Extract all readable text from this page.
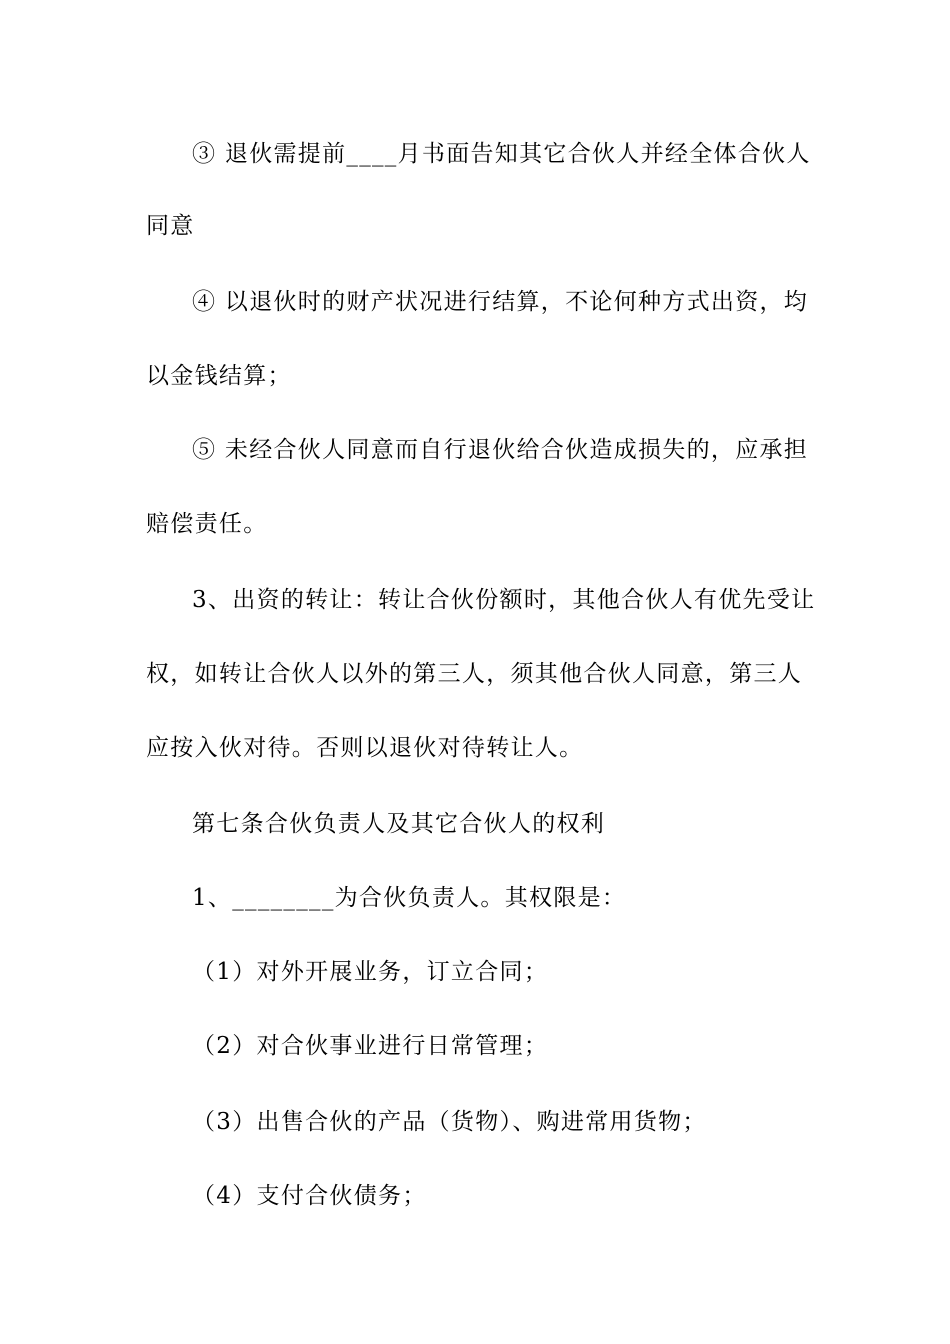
③ 退伙需提前____月书面告知其它合伙人并经全体合伙人
同意
④ 以退伙时的财产状况进行结算，不论何种方式出资，均
以金钱结算；
⑤ 未经合伙人同意而自行退伙给合伙造成损失的，应承担
赔偿责任。
3、出资的转让：转让合伙份额时，其他合伙人有优先受让
权，如转让合伙人以外的第三人，须其他合伙人同意，第三人
应按入伙对待。否则以退伙对待转让人。
第七条合伙负责人及其它合伙人的权利
1、________为合伙负责人。其权限是：
（1）对外开展业务，订立合同；
（2）对合伙事业进行日常管理；
（3）出售合伙的产品（货物）、购进常用货物；
（4）支付合伙债务；
